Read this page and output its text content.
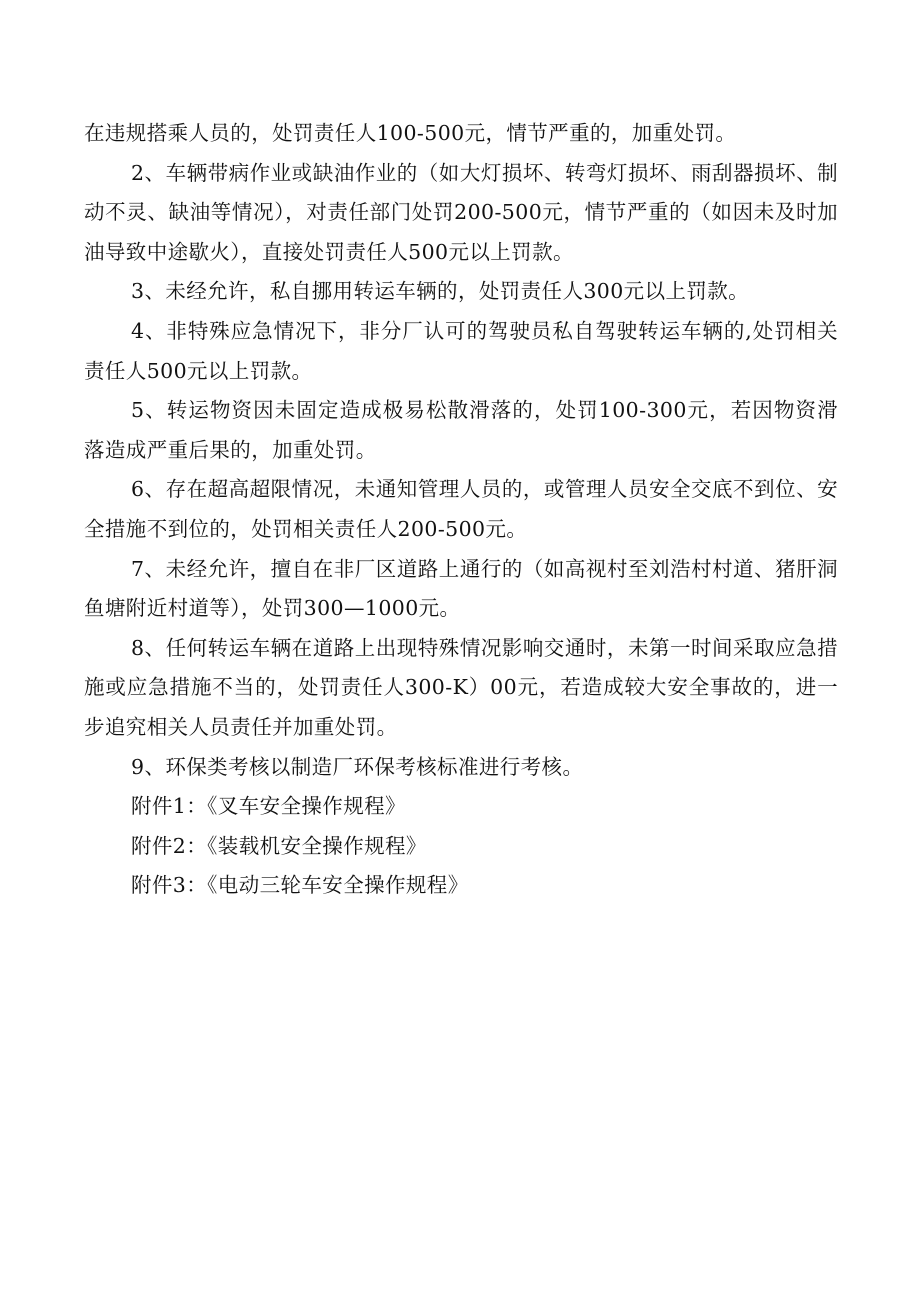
在违规搭乘人员的，处罚责任人100-500元，情节严重的，加重处罚。

2、车辆带病作业或缺油作业的（如大灯损坏、转弯灯损坏、雨刮器损坏、制动不灵、缺油等情况），对责任部门处罚200-500元，情节严重的（如因未及时加油导致中途歇火），直接处罚责任人500元以上罚款。

3、未经允许，私自挪用转运车辆的，处罚责任人300元以上罚款。

4、非特殊应急情况下，非分厂认可的驾驶员私自驾驶转运车辆的,处罚相关责任人500元以上罚款。

5、转运物资因未固定造成极易松散滑落的，处罚100-300元，若因物资滑落造成严重后果的，加重处罚。

6、存在超高超限情况，未通知管理人员的，或管理人员安全交底不到位、安全措施不到位的，处罚相关责任人200-500元。

7、未经允许，擅自在非厂区道路上通行的（如高视村至刘浩村村道、猪肝洞鱼塘附近村道等），处罚300—1000元。

8、任何转运车辆在道路上出现特殊情况影响交通时，未第一时间采取应急措施或应急措施不当的，处罚责任人300-K）00元，若造成较大安全事故的，进一步追究相关人员责任并加重处罚。

9、环保类考核以制造厂环保考核标准进行考核。

附件1：《叉车安全操作规程》

附件2：《装载机安全操作规程》

附件3：《电动三轮车安全操作规程》
